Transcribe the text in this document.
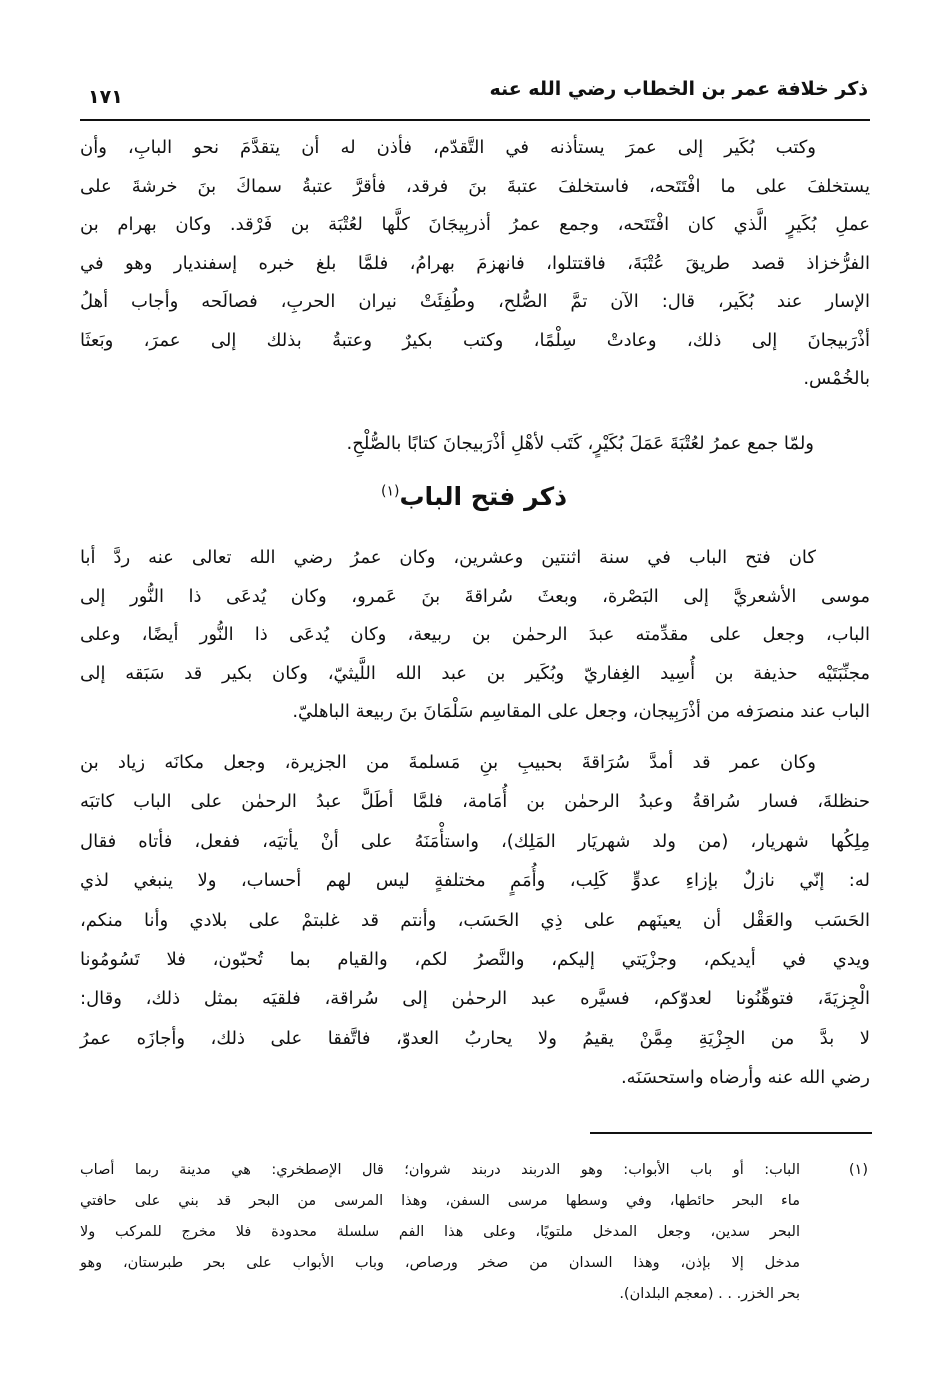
ذكر خلافة عمر بن الخطاب رضي الله عنه
١٧١
وكتب بُكَير إلى عمرَ يستأذنه في التَّقدّم، فأذن له أن يتقدَّمَ نحو البابِ، وأن
يستخلفَ على ما افْتَتَحه، فاستخلفَ عتبةَ بنَ فرقد، فأقرَّ عتبةُ سماكَ بنَ خرشةَ على
عملِ بُكَيرٍ الَّذي كان افْتَتَحه، وجمع عمرُ أذربِيجَانَ كلَّها لعُتْبَة بن فَرْقد. وكان بهرام بن
الفرُّخزاذ قصد طريقَ عُتْبَةَ، فاقتتلوا، فانهزمَ بهرامُ، فلمَّا بلغ خبره إسفنديار وهو في
الإسار عند بُكَير، قال: الآن تمَّ الصُّلح، وطُفِئَتْ نيران الحربِ، فصالَحه وأجاب أهلُ
أذْرَبيجانَ إلى ذلك، وعادتْ سِلْمًا، وكتب بكيرٌ وعتبةُ بذلك إلى عمرَ، وبَعثَا
بالخُمْس.
ولمّا جمع عمرُ لعُتْبَةَ عَمَلَ بُكَيْرٍ، كَتَب لأهْلِ أذْرَبيجانَ كتابًا بالصُّلْحِ.
ذكر فتح الباب$^{(١)}$
كان فتح الباب في سنة اثنتين وعشرين، وكان عمرُ رضي الله تعالى عنه ردَّ أبا
موسى الأشعريَّ إلى البَصْرة، وبعثَ سُراقةَ بنَ عَمرو، وكان يُدعَى ذا النُّور إلى
الباب، وجعل على مقدِّمته عبدَ الرحمٰن بن ربيعة، وكان يُدعَى ذا النُّور أيضًا، وعلى
مجنِّبَتَيْه حذيفة بن أُسِيد الغِفاريّ وبُكَير بن عبد الله اللَّيثيّ، وكان بكير قد سَبَقه إلى
الباب عند منصرَفه من أذْرَبِيجان، وجعل على المقاسِم سَلْمَانَ بنَ ربيعة الباهليّ.
وكان عمر قد أمدَّ سُرَاقةَ بحبيبِ بنِ مَسلمةَ من الجزيرة، وجعل مكانَه زياد بن
حنظلةَ، فسار سُراقةُ وعبدُ الرحمٰن بن أُمَامة، فلمَّا أطَلَّ عبدُ الرحمٰن على الباب كاتبَه
مِلِكُها شهريار، (من ولد شهريَار المَلِك)، واستأْمَنَهُ على أنْ يأتيَه، ففعل، فأتاه فقال
له: إنّي نازلٌ بإزاءِ عدوٍّ كَلِب، وأُمَمٍ مختلفةٍ ليس لهم أحساب، ولا ينبغي لذي
الحَسَب والعَقْل أن يعينَهم على ذِي الحَسَب، وأنتم قد غلبتمْ على بلادي وأنا منكم،
ويدي في أيديكم، وجزْيَتي إليكم، والنَّصرُ لكم، والقيام بما تُحبّون، فلا تَسُومُونا
الْجِزيَةَ، فتوهِّنُونا لعدوّكم، فسيَّره عبد الرحمٰن إلى سُراقة، فلقيَه بمثل ذلك، وقال:
لا بدَّ من الجِزْيَةِ مِمَّنْ يقيمُ ولا يحاربُ العدوّ، فاتَّفقا على ذلك، وأجازَه عمرُ
رضي الله عنه وأرضاه واستحسَنَه.
(١)
الباب: أو باب الأبواب: وهو الدربند دربند شروان؛ قال الإصطخري: هي مدينة ربما أصاب
ماء البحر حائطها، وفي وسطها مرسى السفن، وهذا المرسى من البحر قد بني على حافتي
البحر سدين، وجعل المدخل ملتويًا، وعلى هذا الفم سلسلة محدودة فلا مخرج للمركب ولا
مدخل إلا بإذن، وهذا السدان من صخر ورصاص، وباب الأبواب على بحر طبرستان، وهو
بحر الخزر. . . (معجم البلدان).
